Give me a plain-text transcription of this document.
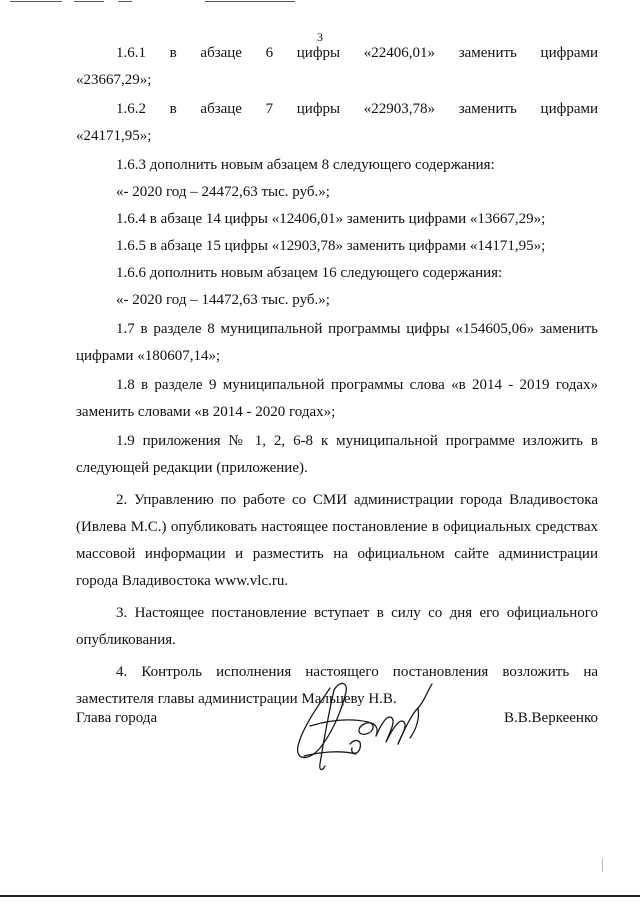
3
1.6.1 в абзаце 6 цифры «22406,01» заменить цифрами

«23667,29»;

1.6.2 в абзаце 7 цифры «22903,78» заменить цифрами

«24171,95»;

1.6.3 дополнить новым абзацем 8 следующего содержания:

«- 2020 год – 24472,63 тыс. руб.»;

1.6.4 в абзаце 14 цифры «12406,01» заменить цифрами «13667,29»;

1.6.5 в абзаце 15 цифры «12903,78» заменить цифрами «14171,95»;

1.6.6 дополнить новым абзацем 16 следующего содержания:

«- 2020 год – 14472,63 тыс. руб.»;

1.7 в разделе 8 муниципальной программы цифры «154605,06» заменить цифрами «180607,14»;

1.8 в разделе 9 муниципальной программы слова «в 2014 - 2019 годах» заменить словами «в 2014 - 2020 годах»;

1.9 приложения № 1, 2, 6-8 к муниципальной программе изложить в следующей редакции (приложение).

2. Управлению по работе со СМИ администрации города Владивостока (Ивлева М.С.) опубликовать настоящее постановление в официальных средствах массовой информации и разместить на официальном сайте администрации города Владивостока www.vlc.ru.

3. Настоящее постановление вступает в силу со дня его официального опубликования.

4. Контроль исполнения настоящего постановления возложить на заместителя главы администрации Мальцеву Н.В.

Глава города	В.В.Веркеенко
